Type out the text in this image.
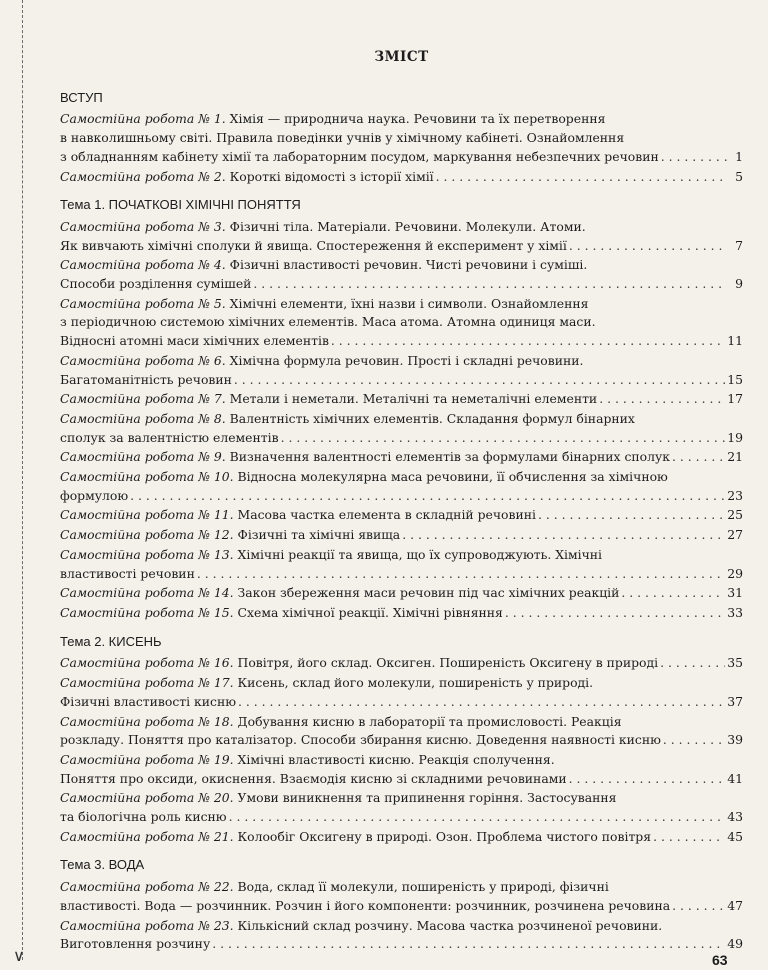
∨
ЗМІСТ
ВСТУП
Самостійна робота № 1. Хімія — природнича наука. Речовини та їх перетворення
в навколишньому світі. Правила поведінки учнів у хімічному кабінеті. Ознайомлення
з обладнанням кабінету хімії та лабораторним посудом, маркування небезпечних речовин . . .	1
Самостійна робота № 2. Короткі відомості з історії хімії . . .	5
Тема 1. ПОЧАТКОВІ ХІМІЧНІ ПОНЯТТЯ
Самостійна робота № 3. Фізичні тіла. Матеріали. Речовини. Молекули. Атоми.
Як вивчають хімічні сполуки й явища. Спостереження й експеримент у хімії . . .	7
Самостійна робота № 4. Фізичні властивості речовин. Чисті речовини і суміші.
Способи розділення сумішей . . .	9
Самостійна робота № 5. Хімічні елементи, їхні назви і символи. Ознайомлення
з періодичною системою хімічних елементів. Маса атома. Атомна одиниця маси.
Відносні атомні маси хімічних елементів . . .	11
Самостійна робота № 6. Хімічна формула речовин. Прості і складні речовини.
Багатоманітність речовин . . .	15
Самостійна робота № 7. Метали і неметали. Металічні та неметалічні елементи . . .	17
Самостійна робота № 8. Валентність хімічних елементів. Складання формул бінарних
сполук за валентністю елементів . . .	19
Самостійна робота № 9. Визначення валентності елементів за формулами бінарних сполук . . .	21
Самостійна робота № 10. Відносна молекулярна маса речовини, її обчислення за хімічною
формулою . . .	23
Самостійна робота № 11. Масова частка елемента в складній речовині . . .	25
Самостійна робота № 12. Фізичні та хімічні явища . . .	27
Самостійна робота № 13. Хімічні реакції та явища, що їх супроводжують. Хімічні
властивості речовин . . .	29
Самостійна робота № 14. Закон збереження маси речовин під час хімічних реакцій . . .	31
Самостійна робота № 15. Схема хімічної реакції. Хімічні рівняння . . .	33
Тема 2. КИСЕНЬ
Самостійна робота № 16. Повітря, його склад. Оксиген. Поширеність Оксигену в природі . . .	35
Самостійна робота № 17. Кисень, склад його молекули, поширеність у природі.
Фізичні властивості кисню . . .	37
Самостійна робота № 18. Добування кисню в лабораторії та промисловості. Реакція
розкладу. Поняття про каталізатор. Способи збирання кисню. Доведення наявності кисню . . .	39
Самостійна робота № 19. Хімічні властивості кисню. Реакція сполучення.
Поняття про оксиди, окиснення. Взаємодія кисню зі складними речовинами . . .	41
Самостійна робота № 20. Умови виникнення та припинення горіння. Застосування
та біологічна роль кисню . . .	43
Самостійна робота № 21. Колообіг Оксигену в природі. Озон. Проблема чистого повітря . . .	45
Тема 3. ВОДА
Самостійна робота № 22. Вода, склад її молекули, поширеність у природі, фізичні
властивості. Вода — розчинник. Розчин і його компоненти: розчинник, розчинена речовина . . .	47
Самостійна робота № 23. Кількісний склад розчину. Масова частка розчиненої речовини.
Виготовлення розчину . . .	49
63
